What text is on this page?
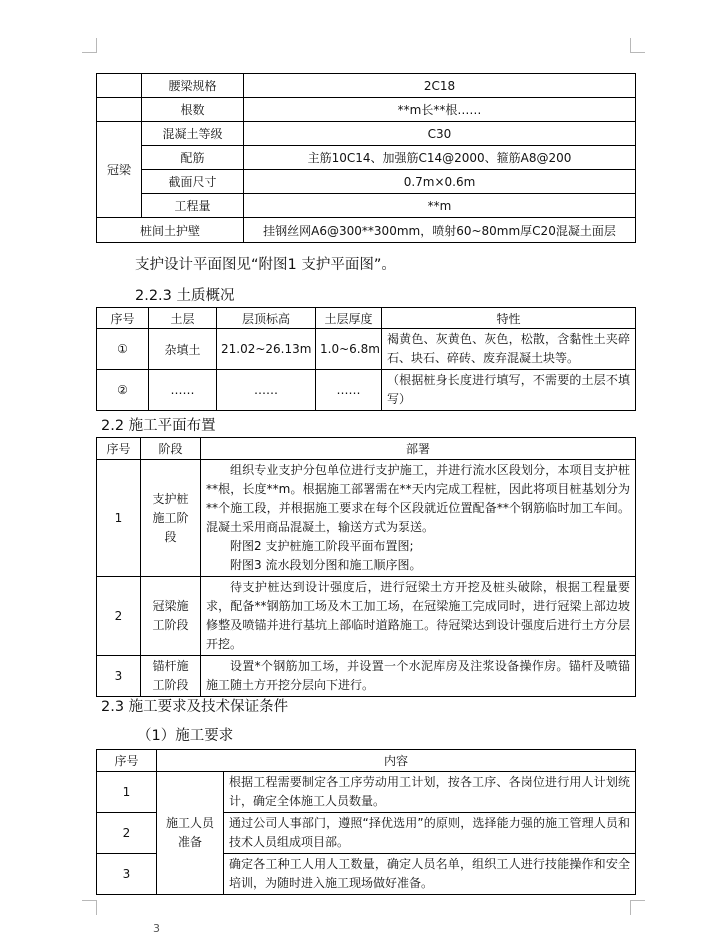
	腰梁规格	2C18
	根数	**m长**根……
冠梁	混凝土等级	C30
	配筋	主筋10C14、加强筋C14@2000、箍筋A8@200
	截面尺寸	0.7m×0.6m
	工程量	**m
桩间土护壁		挂钢丝网A6@300**300mm，喷射60~80mm厚C20混凝土面层
支护设计平面图见“附图1 支护平面图”。
2.2.3 土质概况
序号	土层	层顶标高	土层厚度	特性
①	杂填土	21.02~26.13m	1.0~6.8m	褐黄色、灰黄色、灰色，松散，含黏性土夹碎石、块石、碎砖、废弃混凝土块等。
②	……	……	……	（根据桩身长度进行填写，不需要的土层不填写）
2.2 施工平面布置
序号	阶段	部署
1	支护桩施工阶段	组织专业支护分包单位进行支护施工，并进行流水区段划分，本项目支护桩**根，长度**m。根据施工部署需在**天内完成工程桩，因此将项目桩基划分为**个施工段，并根据施工要求在每个区段就近位置配备**个钢筋临时加工车间。混凝土采用商品混凝土，输送方式为泵送。
附图2 支护桩施工阶段平面布置图;
附图3 流水段划分图和施工顺序图。

2	冠梁施工阶段	待支护桩达到设计强度后，进行冠梁土方开挖及桩头破除，根据工程量要求，配备**钢筋加工场及木工加工场，在冠梁施工完成同时，进行冠梁上部边坡修整及喷锚并进行基坑上部临时道路施工。待冠梁达到设计强度后进行土方分层开挖。

3	锚杆施工阶段	设置*个钢筋加工场，并设置一个水泥库房及注浆设备操作房。锚杆及喷锚施工随土方开挖分层向下进行。
2.3 施工要求及技术保证条件
（1）施工要求
序号	内容	
1	施工人员准备	根据工程需要制定各工序劳动用工计划，按各工序、各岗位进行用人计划统计，确定全体施工人员数量。
2		通过公司人事部门，遵照“择优选用”的原则，选择能力强的施工管理人员和技术人员组成项目部。
3		确定各工种工人用人工数量，确定人员名单，组织工人进行技能操作和安全培训，为随时进入施工现场做好准备。
3
